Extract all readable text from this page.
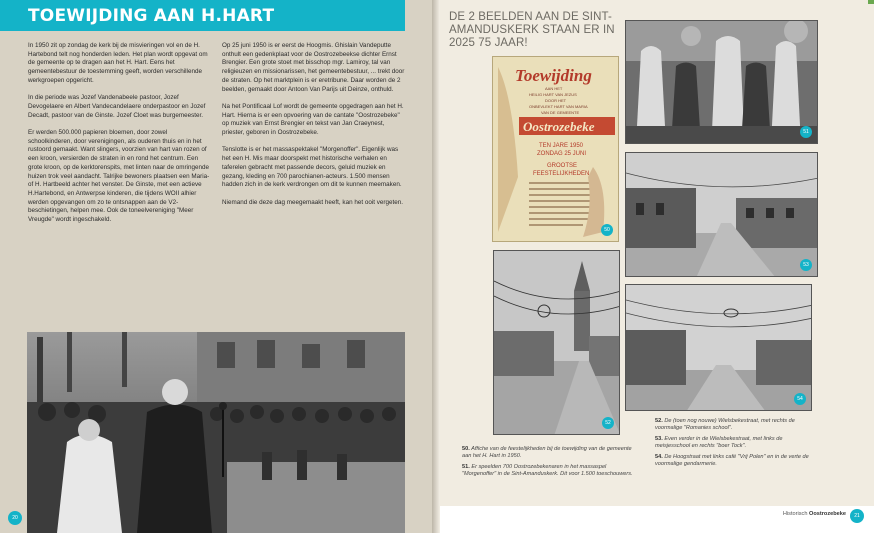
TOEWIJDING AAN H.HART

In 1950 zit op zondag de kerk bij de misvieringen vol en de H. Hartebond telt nog honderden leden. Het plan wordt opgevat om de gemeente op te dragen aan het H. Hart. Eens het gemeentebestuur de toestemming geeft, worden verschillende werkgroepen opgericht.

In die periode was Jozef Vandenabeele pastoor, Jozef Devogelaere en Albert Vandecandelaere onderpastoor en Jozef Decadt, pastoor van de Ginste. Jozef Cloet was burgemeester.

Er werden 500.000 papieren bloemen, door zowel schoolkinderen, door verenigingen, als ouderen thuis en in het rustoord gemaakt. Want slingers, voorzien van hart van rozen of een kroon, versierden de straten in en rond het centrum. Een grote kroon, op de kerktorenspits, met linten naar de omringende huizen trok veel aandacht. Talrijke bewoners plaatsen een Maria- of H. Hartbeeld achter het venster. De Ginste, met een actieve H.Hartebond, en Antwerpse kinderen, die tijdens WOII alhier werden opgevangen om zo te ontsnappen aan de V2-beschietingen, helpen mee. Ook de toneelvereniging "Meer Vreugde" wordt ingeschakeld.

Op 25 juni 1950 is er eerst de Hoogmis. Ghislain Vandeputte onthult een gedenkplaat voor de Oostrozebeekse dichter Ernst Brengier. Een grote stoet met bisschop mgr. Lamiroy, tal van religieuzen en missionarissen, het gemeentebestuur, ... trekt door de straten. Op het marktplein is er eretribune. Daar worden de 2 beelden, gemaakt door Antoon Van Parijs uit Deinze, onthuld.

Na het Pontificaal Lof wordt de gemeente opgedragen aan het H. Hart. Hierna is er een opvoering van de cantate "Oostrozebeke" op muziek van Ernst Brengier en tekst van Jan Craeynest, priester, geboren in Oostrozebeke.

Tenslotte is er het massaspektakel "Morgenoffer". Eigenlijk was het een H. Mis maar doorspekt met historische verhalen en taferelen gebracht met passende decors, geluid muziek en gezang, kleding en 700 parochianen-acteurs. 1.500 mensen hadden zich in de kerk verdrongen om dit te kunnen meemaken.

Niemand die deze dag meegemaakt heeft, kan het ooit vergeten.

20
DE 2 BEELDEN AAN DE SINT-AMANDUSKERK STAAN ER IN 2025 75 JAAR!
Toewijding
AAN HET
HEILIG HART VAN JEZUS
DOOR HET
ONBEVLEKT HART VAN MARIA
VAN DE GEMEENTE
Oostrozebeke
TEN JARE 1950
ZONDAG 25 JUNI
GROOTSE
FEESTELIJKHEDEN
50
51
52
53
54
50. Affiche van de feestelijkheden bij de toewijding van de gemeente aan het H. Hart in 1950.
51. Er speelden 700 Oostrozebekenaren in het massaspel "Morgenoffer" in de Sint-Amanduskerk. Dit voor 1.500 toeschouwers.
52. De (toen nog nouwe) Wielsbekestraat, met rechts de voormalige "Romanies school".
53. Even verder in de Wielsbekestraat, met links de meisjesschool en rechts "boer Tock".
54. De Hoogstraat met links café "Vrij Polen" en in de verte de voormalige gendarmerie.
Historisch Oostrozebeke	21
